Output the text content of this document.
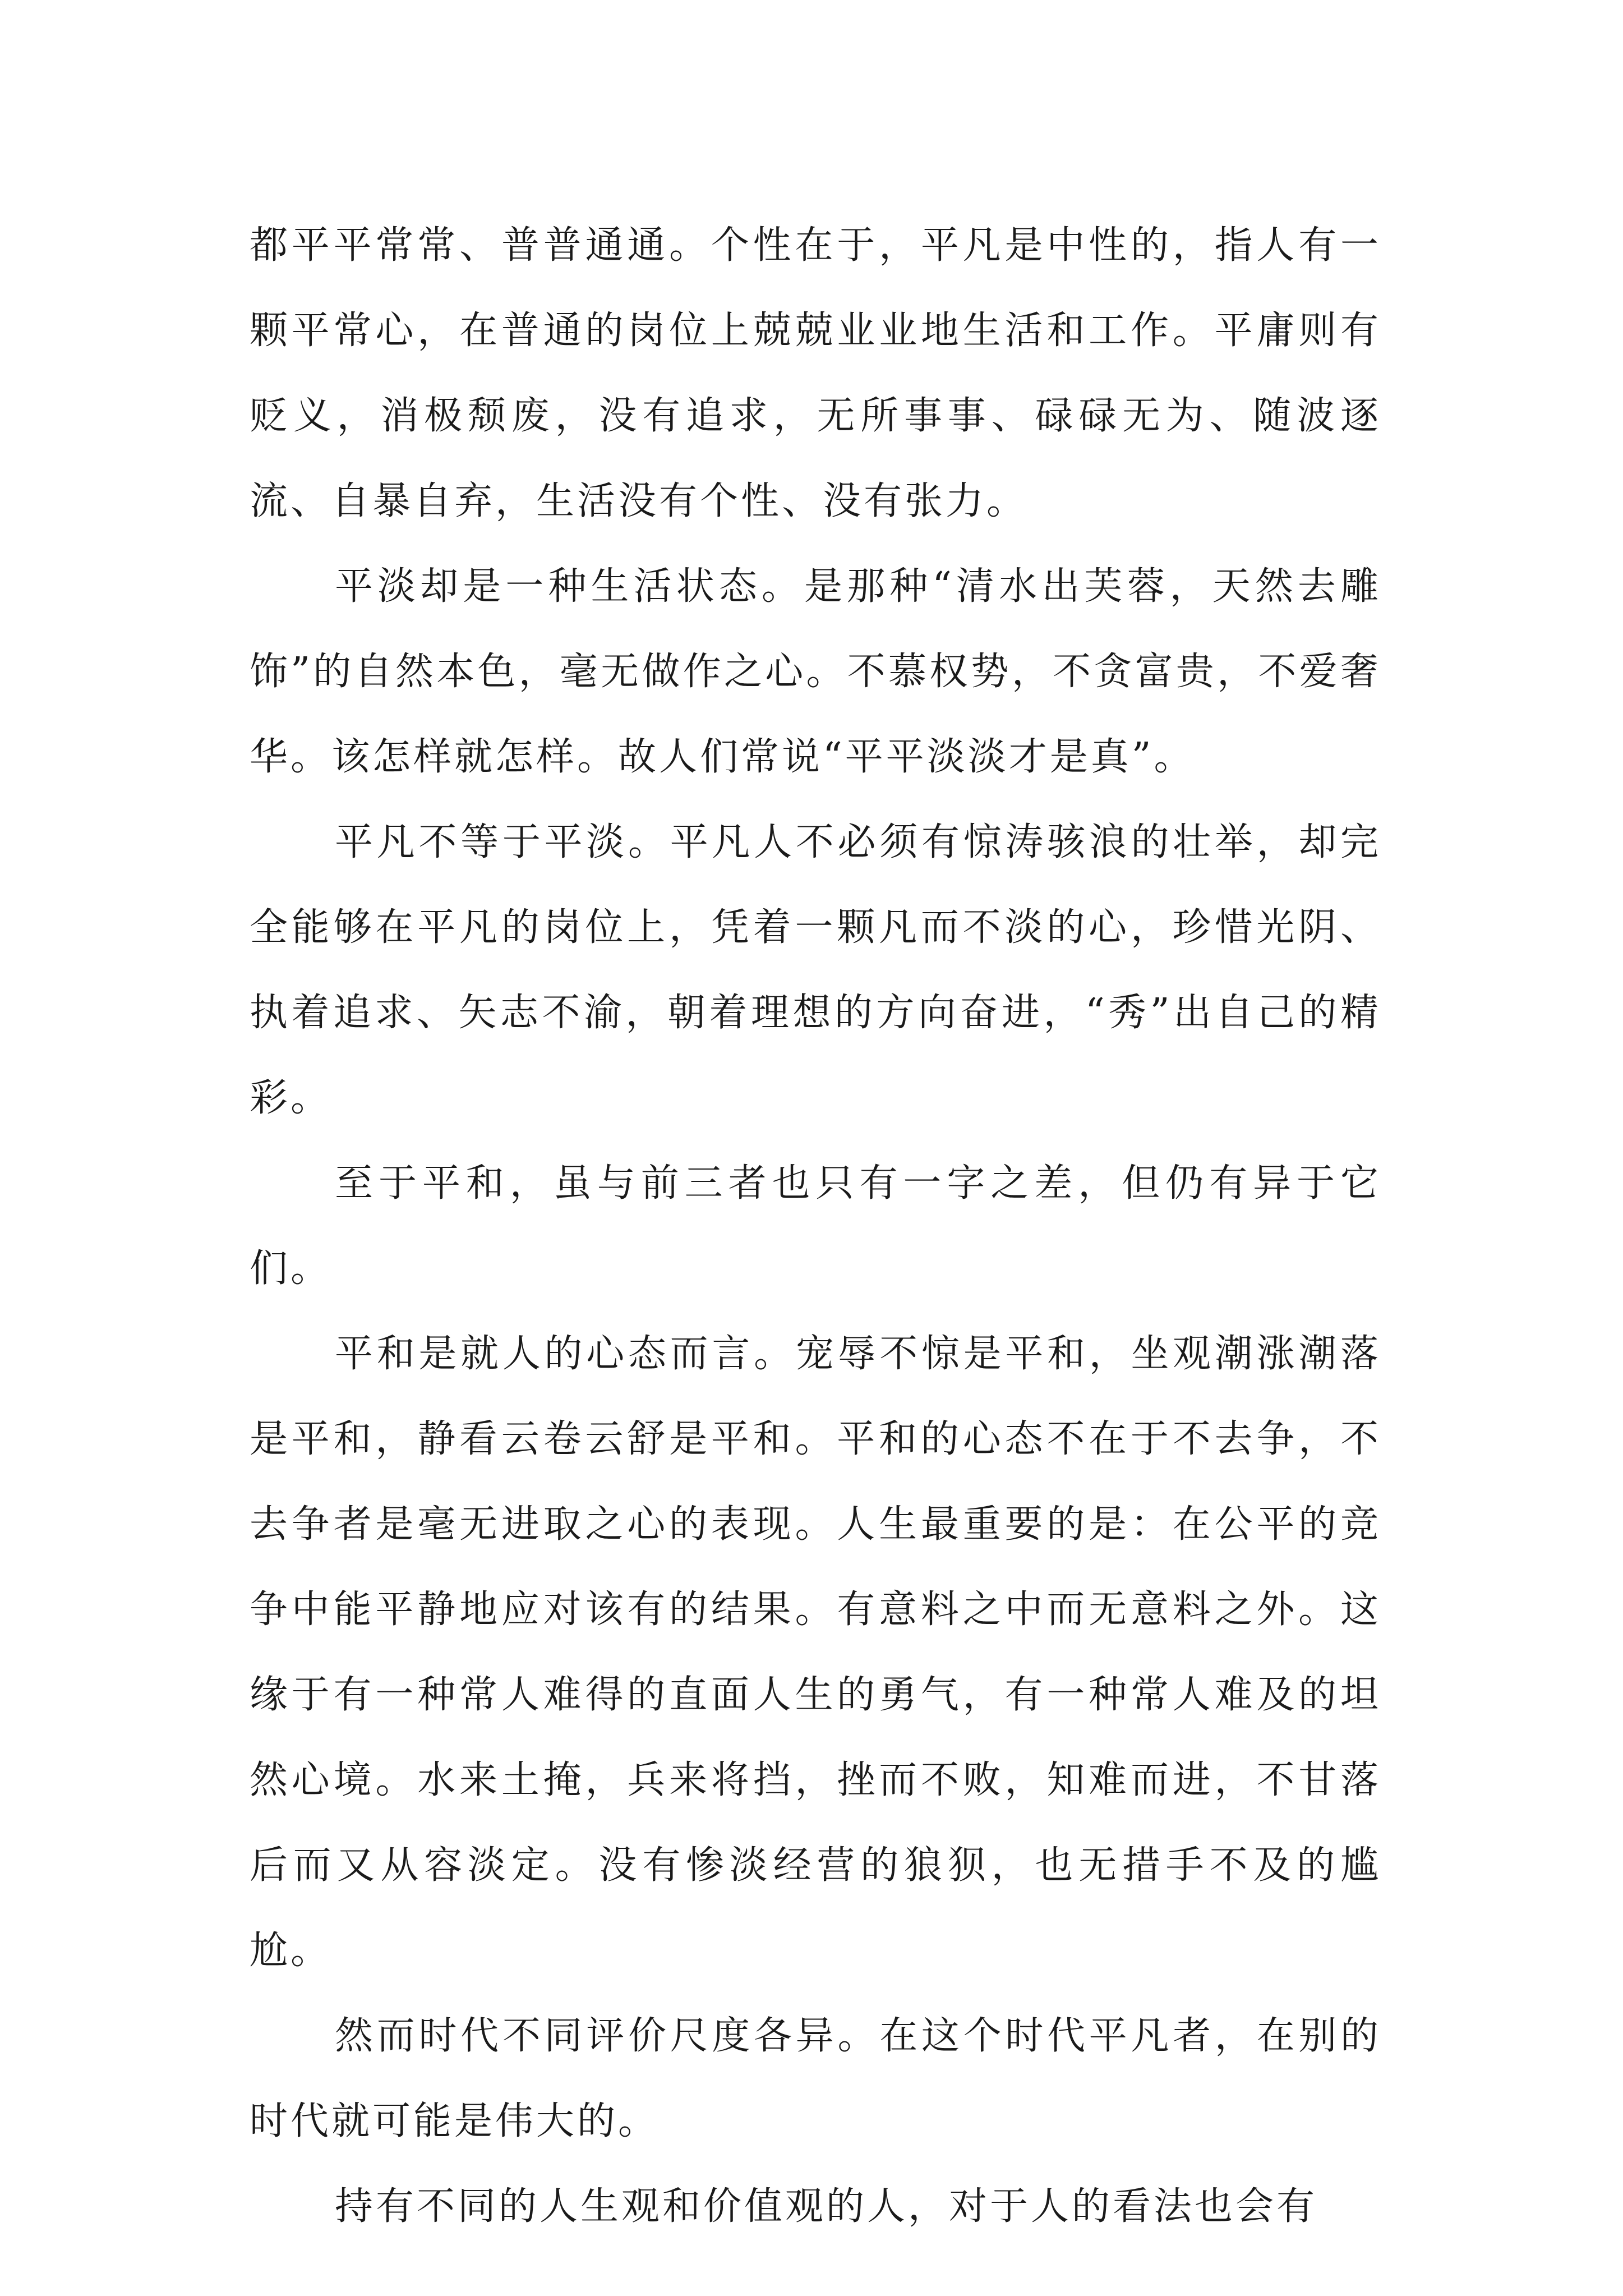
都平平常常、普普通通。个性在于，平凡是中性的，指人有一颗平常心，在普通的岗位上兢兢业业地生活和工作。平庸则有贬义，消极颓废，没有追求，无所事事、碌碌无为、随波逐流、自暴自弃，生活没有个性、没有张力。

平淡却是一种生活状态。是那种“清水出芙蓉，天然去雕饰”的自然本色，毫无做作之心。不慕权势，不贪富贵，不爱奢华。该怎样就怎样。故人们常说“平平淡淡才是真”。

平凡不等于平淡。平凡人不必须有惊涛骇浪的壮举，却完全能够在平凡的岗位上，凭着一颗凡而不淡的心，珍惜光阴、执着追求、矢志不渝，朝着理想的方向奋进，“秀”出自己的精彩。

至于平和，虽与前三者也只有一字之差，但仍有异于它们。

平和是就人的心态而言。宠辱不惊是平和，坐观潮涨潮落是平和，静看云卷云舒是平和。平和的心态不在于不去争，不去争者是毫无进取之心的表现。人生最重要的是：在公平的竞争中能平静地应对该有的结果。有意料之中而无意料之外。这缘于有一种常人难得的直面人生的勇气，有一种常人难及的坦然心境。水来土掩，兵来将挡，挫而不败，知难而进，不甘落后而又从容淡定。没有惨淡经营的狼狈，也无措手不及的尴尬。

然而时代不同评价尺度各异。在这个时代平凡者，在别的时代就可能是伟大的。

持有不同的人生观和价值观的人，对于人的看法也会有
